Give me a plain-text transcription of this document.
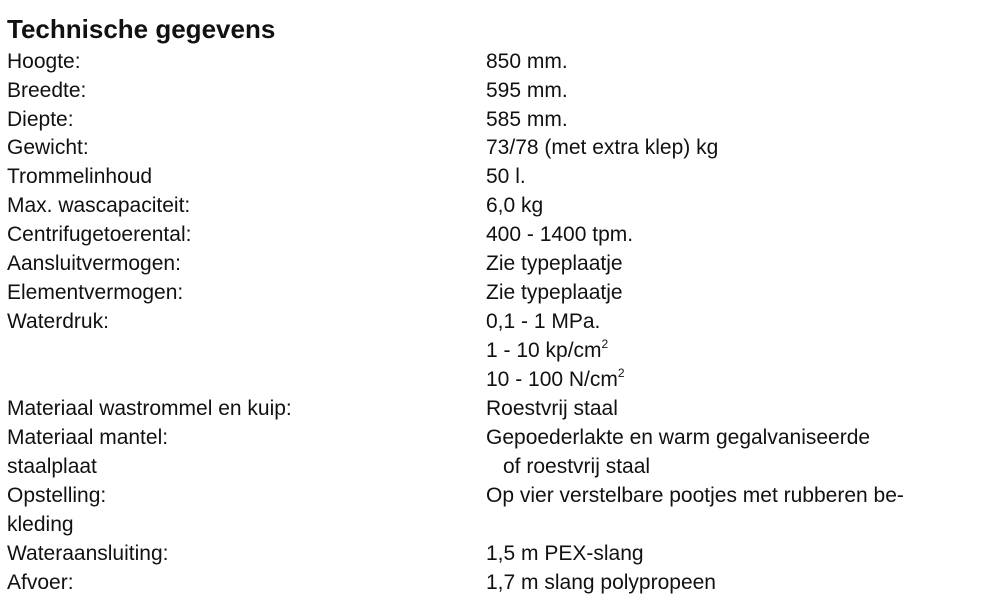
Technische gegevens
Hoogte:	850 mm.
Breedte:	595 mm.
Diepte:	585 mm.
Gewicht:	73/78 (met extra klep) kg
Trommelinhoud	50 l.
Max. wascapaciteit:	6,0 kg
Centrifugetoerental:	400 - 1400 tpm.
Aansluitvermogen:	Zie typeplaatje
Elementvermogen:	Zie typeplaatje
Waterdruk:	0,1 - 1 MPa.
1 - 10 $kp/cm^2$
10 - 100 $N/cm^2$
Materiaal wastrommel en kuip:	Roestvrij staal
Materiaal mantel:	Gepoederlakte en warm gegalvaniseerde
staalplaat	of roestvrij staal
Opstelling:	Op vier verstelbare pootjes met rubberen be-
kleding
Wateraansluiting:	1,5 m PEX-slang
Afvoer:	1,7 m slang polypropeen
